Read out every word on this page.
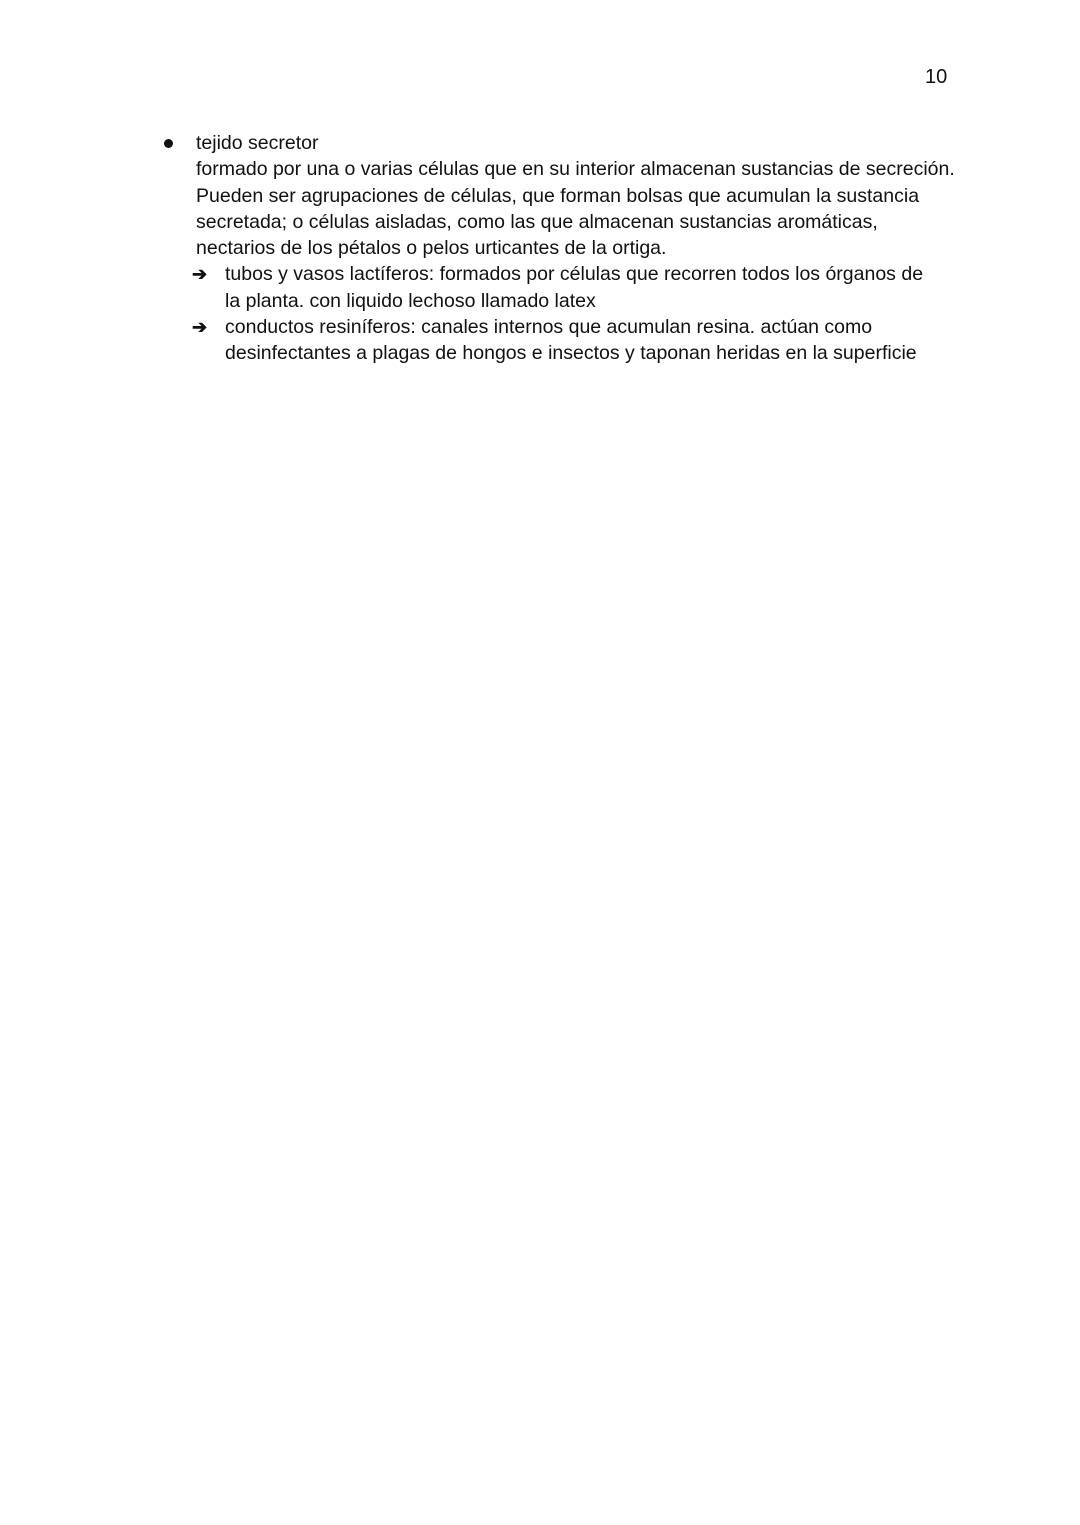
10
tejido secretor
formado por una o varias células que en su interior almacenan sustancias de secreción. Pueden ser agrupaciones de células, que forman bolsas que acumulan la sustancia secretada; o células aisladas, como las que almacenan sustancias aromáticas, nectarios de los pétalos o pelos urticantes de la ortiga.
➔ tubos y vasos lactíferos: formados por células que recorren todos los órganos de la planta. con liquido lechoso llamado latex
➔ conductos resiníferos: canales internos que acumulan resina. actúan como desinfectantes a plagas de hongos e insectos y taponan heridas en la superficie
